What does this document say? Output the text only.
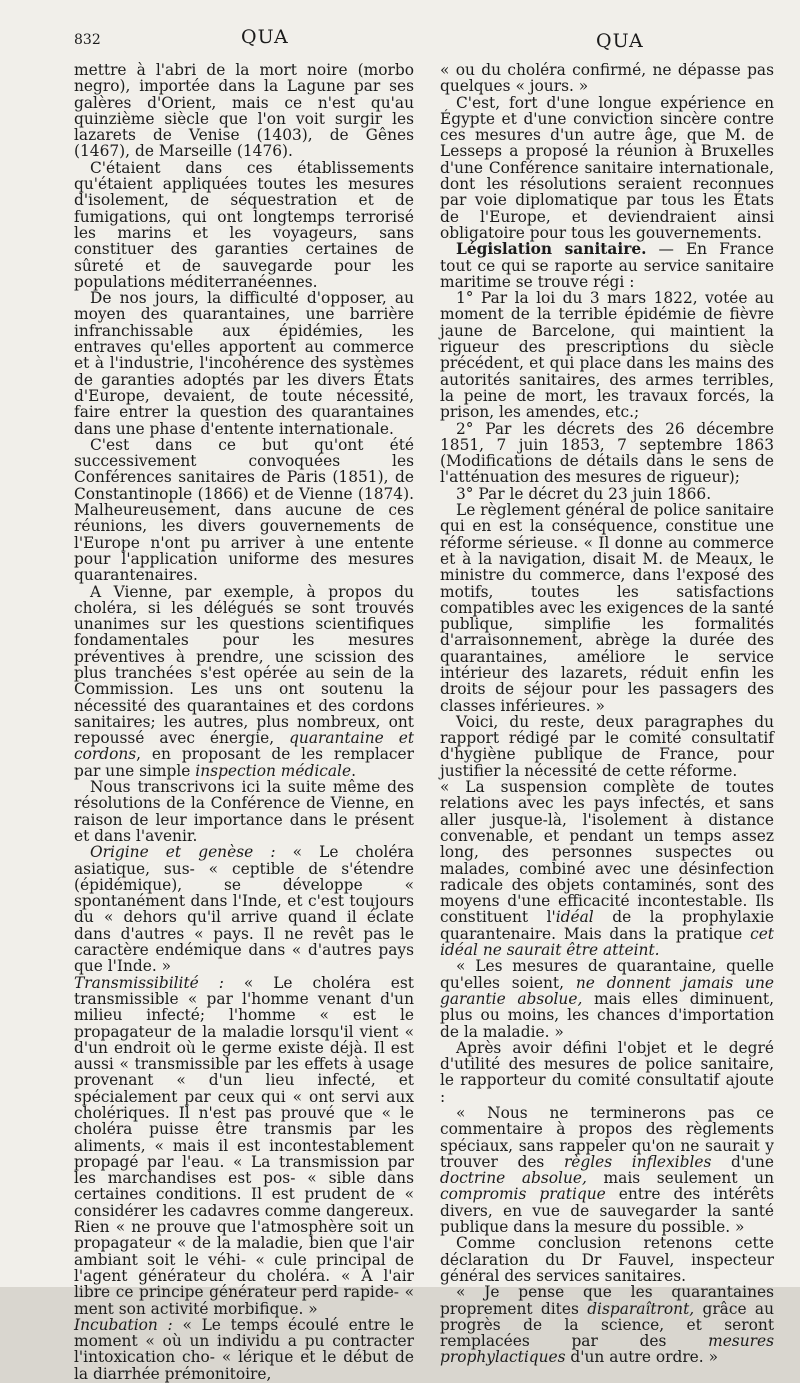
832	QUA	QUA

mettre à l'abri de la mort noire (morbo negro), importée dans la Lagune par ses galères d'Orient, mais ce n'est qu'au quinzième siècle que l'on voit surgir les lazarets de Venise (1403), de Gênes (1467), de Marseille (1476).

C'étaient dans ces établissements qu'étaient appliquées toutes les mesures d'isolement, de séquestration et de fumigations, qui ont longtemps terrorisé les marins et les voyageurs, sans constituer des garanties certaines de sûreté et de sauvegarde pour les populations méditerranéennes.

De nos jours, la difficulté d'opposer, au moyen des quarantaines, une barrière infranchissable aux épidémies, les entraves qu'elles apportent au commerce et à l'industrie, l'incohérence des systèmes de garanties adoptés par les divers États d'Europe, devaient, de toute nécessité, faire entrer la question des quarantaines dans une phase d'entente internationale.

C'est dans ce but qu'ont été successivement convoquées les Conférences sanitaires de Paris (1851), de Constantinople (1866) et de Vienne (1874). Malheureusement, dans aucune de ces réunions, les divers gouvernements de l'Europe n'ont pu arriver à une entente pour l'application uniforme des mesures quarantenaires.

A Vienne, par exemple, à propos du choléra, si les délégués se sont trouvés unanimes sur les questions scientifiques fondamentales pour les mesures préventives à prendre, une scission des plus tranchées s'est opérée au sein de la Commission. Les uns ont soutenu la nécessité des quarantaines et des cordons sanitaires; les autres, plus nombreux, ont repoussé avec énergie, quarantaine et cordons, en proposant de les remplacer par une simple inspection médicale.

Nous transcrivons ici la suite même des résolutions de la Conférence de Vienne, en raison de leur importance dans le présent et dans l'avenir.

Origine et genèse : « Le choléra asiatique, sus- « ceptible de s'étendre (épidémique), se développe « spontanément dans l'Inde, et c'est toujours du « dehors qu'il arrive quand il éclate dans d'autres « pays. Il ne revêt pas le caractère endémique dans « d'autres pays que l'Inde. »

Transmissibilité : « Le choléra est transmissible « par l'homme venant d'un milieu infecté; l'homme « est le propagateur de la maladie lorsqu'il vient « d'un endroit où le germe existe déjà. Il est aussi « transmissible par les effets à usage provenant « d'un lieu infecté, et spécialement par ceux qui « ont servi aux cholériques. Il n'est pas prouvé que « le choléra puisse être transmis par les aliments, « mais il est incontestablement propagé par l'eau. « La transmission par les marchandises est pos- « sible dans certaines conditions. Il est prudent de « considérer les cadavres comme dangereux. Rien « ne prouve que l'atmosphère soit un propagateur « de la maladie, bien que l'air ambiant soit le véhi- « cule principal de l'agent générateur du choléra. « A l'air libre ce principe générateur perd rapide- « ment son activité morbifique. »

Incubation : « Le temps écoulé entre le moment « où un individu a pu contracter l'intoxication cho- « lérique et le début de la diarrhée prémonitoire,

« ou du choléra confirmé, ne dépasse pas quelques « jours. »

C'est, fort d'une longue expérience en Égypte et d'une conviction sincère contre ces mesures d'un autre âge, que M. de Lesseps a proposé la réunion à Bruxelles d'une Conférence sanitaire internationale, dont les résolutions seraient reconnues par voie diplomatique par tous les États de l'Europe, et deviendraient ainsi obligatoire pour tous les gouvernements.

Législation sanitaire. — En France tout ce qui se raporte au service sanitaire maritime se trouve régi :

1° Par la loi du 3 mars 1822, votée au moment de la terrible épidémie de fièvre jaune de Barcelone, qui maintient la rigueur des prescriptions du siècle précédent, et qui place dans les mains des autorités sanitaires, des armes terribles, la peine de mort, les travaux forcés, la prison, les amendes, etc.;

2° Par les décrets des 26 décembre 1851, 7 juin 1853, 7 septembre 1863 (Modifications de détails dans le sens de l'atténuation des mesures de rigueur);

3° Par le décret du 23 juin 1866.

Le règlement général de police sanitaire qui en est la conséquence, constitue une réforme sérieuse. « Il donne au commerce et à la navigation, disait M. de Meaux, le ministre du commerce, dans l'exposé des motifs, toutes les satisfactions compatibles avec les exigences de la santé publique, simplifie les formalités d'arraisonnement, abrège la durée des quarantaines, améliore le service intérieur des lazarets, réduit enfin les droits de séjour pour les passagers des classes inférieures. »

Voici, du reste, deux paragraphes du rapport rédigé par le comité consultatif d'hygiène publique de France, pour justifier la nécessité de cette réforme.

« La suspension complète de toutes relations avec les pays infectés, et sans aller jusque-là, l'isolement à distance convenable, et pendant un temps assez long, des personnes suspectes ou malades, combiné avec une désinfection radicale des objets contaminés, sont des moyens d'une efficacité incontestable. Ils constituent l'idéal de la prophylaxie quarantenaire. Mais dans la pratique cet idéal ne saurait être atteint.

« Les mesures de quarantaine, quelle qu'elles soient, ne donnent jamais une garantie absolue, mais elles diminuent, plus ou moins, les chances d'importation de la maladie. »

Après avoir défini l'objet et le degré d'utilité des mesures de police sanitaire, le rapporteur du comité consultatif ajoute :

« Nous ne terminerons pas ce commentaire à propos des règlements spéciaux, sans rappeler qu'on ne saurait y trouver des règles inflexibles d'une doctrine absolue, mais seulement un compromis pratique entre des intérêts divers, en vue de sauvegarder la santé publique dans la mesure du possible. »

Comme conclusion retenons cette déclaration du Dr Fauvel, inspecteur général des services sanitaires.

« Je pense que les quarantaines proprement dites disparaîtront, grâce au progrès de la science, et seront remplacées par des mesures prophylactiques d'un autre ordre. »
